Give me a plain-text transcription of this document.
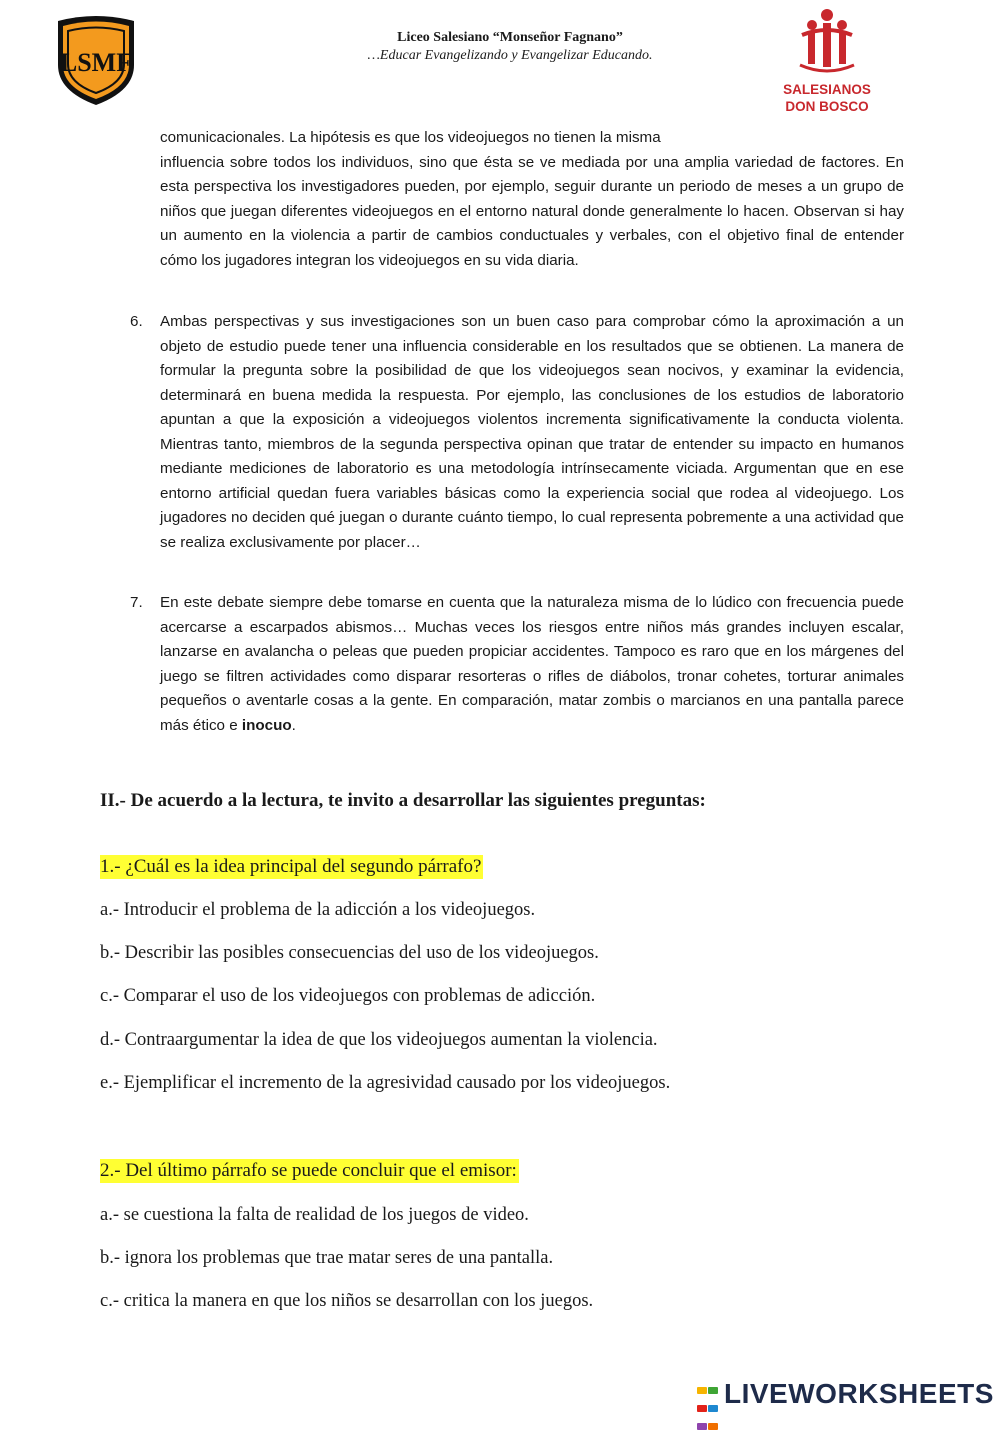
LSMF
Liceo Salesiano “Monseñor Fagnano”
…Educar Evangelizando y Evangelizar Educando.
SALESIANOS
DON BOSCO
comunicacionales. La hipótesis es que los videojuegos no tienen la misma
influencia sobre todos los individuos, sino que ésta se ve mediada por una amplia variedad de factores. En esta perspectiva los investigadores pueden, por ejemplo, seguir durante un periodo de meses a un grupo de niños que juegan diferentes videojuegos en el entorno natural donde generalmente lo hacen. Observan si hay un aumento en la violencia a partir de cambios conductuales y verbales, con el objetivo final de entender cómo los jugadores integran los videojuegos en su vida diaria.
6. Ambas perspectivas y sus investigaciones son un buen caso para comprobar cómo la aproximación a un objeto de estudio puede tener una influencia considerable en los resultados que se obtienen. La manera de formular la pregunta sobre la posibilidad de que los videojuegos sean nocivos, y examinar la evidencia, determinará en buena medida la respuesta. Por ejemplo, las conclusiones de los estudios de laboratorio apuntan a que la exposición a videojuegos violentos incrementa significativamente la conducta violenta. Mientras tanto, miembros de la segunda perspectiva opinan que tratar de entender su impacto en humanos mediante mediciones de laboratorio es una metodología intrínsecamente viciada. Argumentan que en ese entorno artificial quedan fuera variables básicas como la experiencia social que rodea al videojuego. Los jugadores no deciden qué juegan o durante cuánto tiempo, lo cual representa pobremente a una actividad que se realiza exclusivamente por placer…
7. En este debate siempre debe tomarse en cuenta que la naturaleza misma de lo lúdico con frecuencia puede acercarse a escarpados abismos… Muchas veces los riesgos entre niños más grandes incluyen escalar, lanzarse en avalancha o peleas que pueden propiciar accidentes. Tampoco es raro que en los márgenes del juego se filtren actividades como disparar resorteras o rifles de diábolos, tronar cohetes, torturar animales pequeños o aventarle cosas a la gente. En comparación, matar zombis o marcianos en una pantalla parece más ético e inocuo.
II.- De acuerdo a la lectura, te invito a desarrollar las siguientes preguntas:
1.- ¿Cuál es la idea principal del segundo párrafo?
a.- Introducir el problema de la adicción a los videojuegos.
b.- Describir las posibles consecuencias del uso de los videojuegos.
c.- Comparar el uso de los videojuegos con problemas de adicción.
d.- Contraargumentar la idea de que los videojuegos aumentan la violencia.
e.- Ejemplificar el incremento de la agresividad causado por los videojuegos.
2.- Del último párrafo se puede concluir que el emisor:
a.- se cuestiona la falta de realidad de los juegos de video.
b.- ignora los problemas que trae matar seres de una pantalla.
c.- critica la manera en que los niños se desarrollan con los juegos.

LIVEWORKSHEETS
